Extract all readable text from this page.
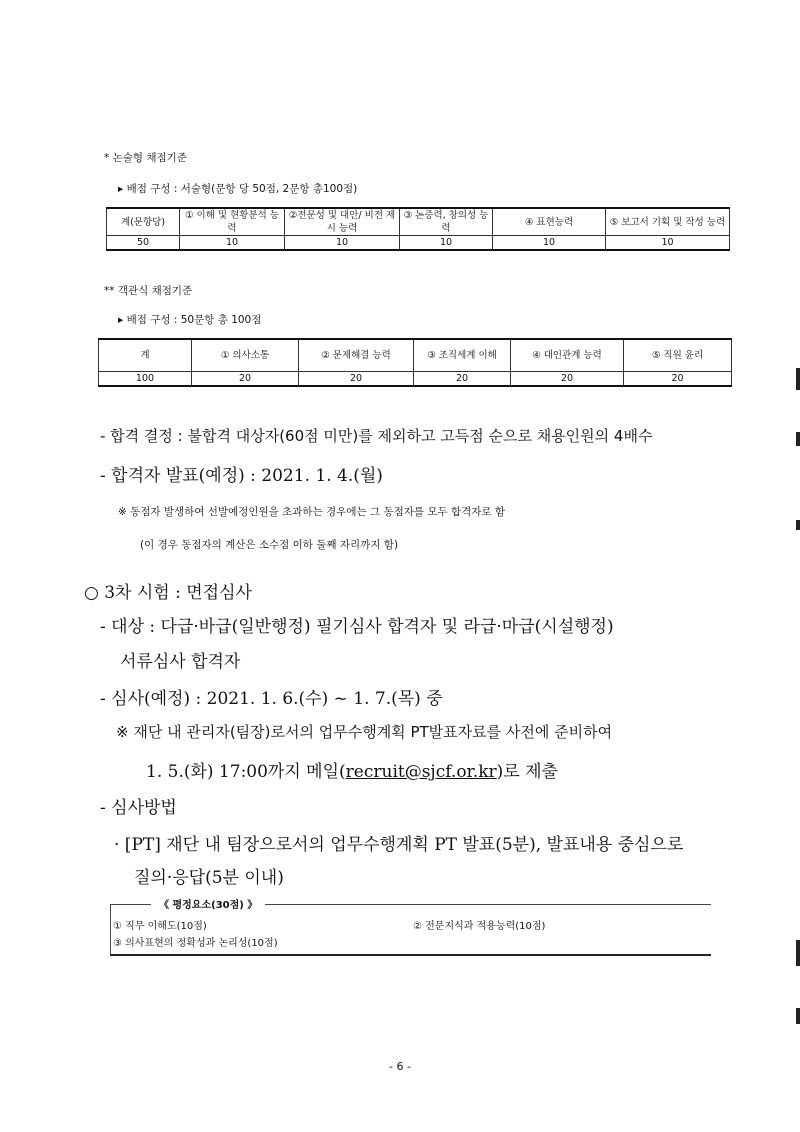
* 논술형 채점기준
▸ 배점 구성 : 서술형(문항 당 50점, 2문항 총100점)
계(문항당)	① 이해 및 현황분석 능력	②전문성 및 대안/ 비전 제시 능력	③ 논증력, 창의성 능력	④ 표현능력	⑤ 보고서 기획 및 작성 능력
50	10	10	10	10	10
** 객관식 채점기준
▸ 배점 구성 : 50문항 총 100점
계	① 의사소통	② 문제해결 능력	③ 조직세계 이해	④ 대인관계 능력	⑤ 직원 윤리
100	20	20	20	20	20
- 합격 결정 : 불합격 대상자(60점 미만)를 제외하고 고득점 순으로 채용인원의 4배수
- 합격자 발표(예정) : 2021. 1. 4.(월)
※ 동점자 발생하여 선발예정인원을 초과하는 경우에는 그 동점자를 모두 합격자로 함
(이 경우 동점자의 계산은 소수점 이하 둘째 자리까지 함)
○ 3차 시험 : 면접심사
- 대상 : 다급·바급(일반행정) 필기심사 합격자 및 라급·마급(시설행정)
서류심사 합격자
- 심사(예정) : 2021. 1. 6.(수) ~ 1. 7.(목) 중
※ 재단 내 관리자(팀장)로서의 업무수행계획 PT발표자료를 사전에 준비하여
1. 5.(화) 17:00까지 메일(recruit@sjcf.or.kr)로 제출
- 심사방법
· [PT] 재단 내 팀장으로서의 업무수행계획 PT 발표(5분), 발표내용 중심으로
질의·응답(5분 이내)
《 평정요소(30점) 》
① 직무 이해도(10점)	② 전문지식과 적용능력(10점)
③ 의사표현의 정확성과 논리성(10점)
- 6 -
